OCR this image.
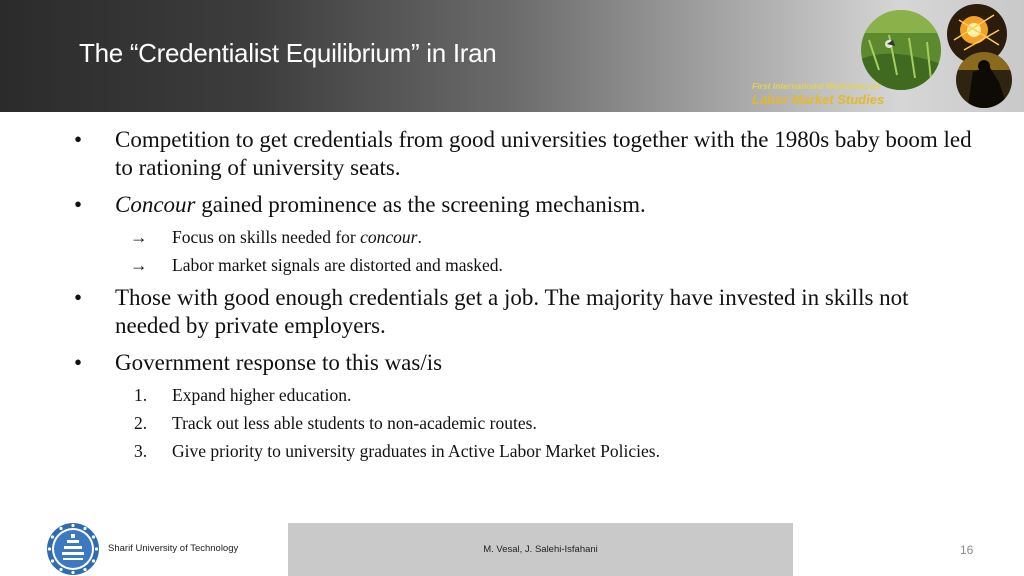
The “Credentialist Equilibrium” in Iran
First International Workshop on
Labor Market Studies
•	Competition to get credentials from good universities together with the 1980s baby boom led to rationing of university seats.
•	Concour gained prominence as the screening mechanism.
→	Focus on skills needed for concour.
→	Labor market signals are distorted and masked.
•	Those with good enough credentials get a job. The majority have invested in skills not needed by private employers.
•	Government response to this was/is
1.	Expand higher education.
2.	Track out less able students to non-academic routes.
3.	Give priority to university graduates in Active Labor Market Policies.
Sharif University of Technology	M. Vesal, J. Salehi-Isfahani	16
